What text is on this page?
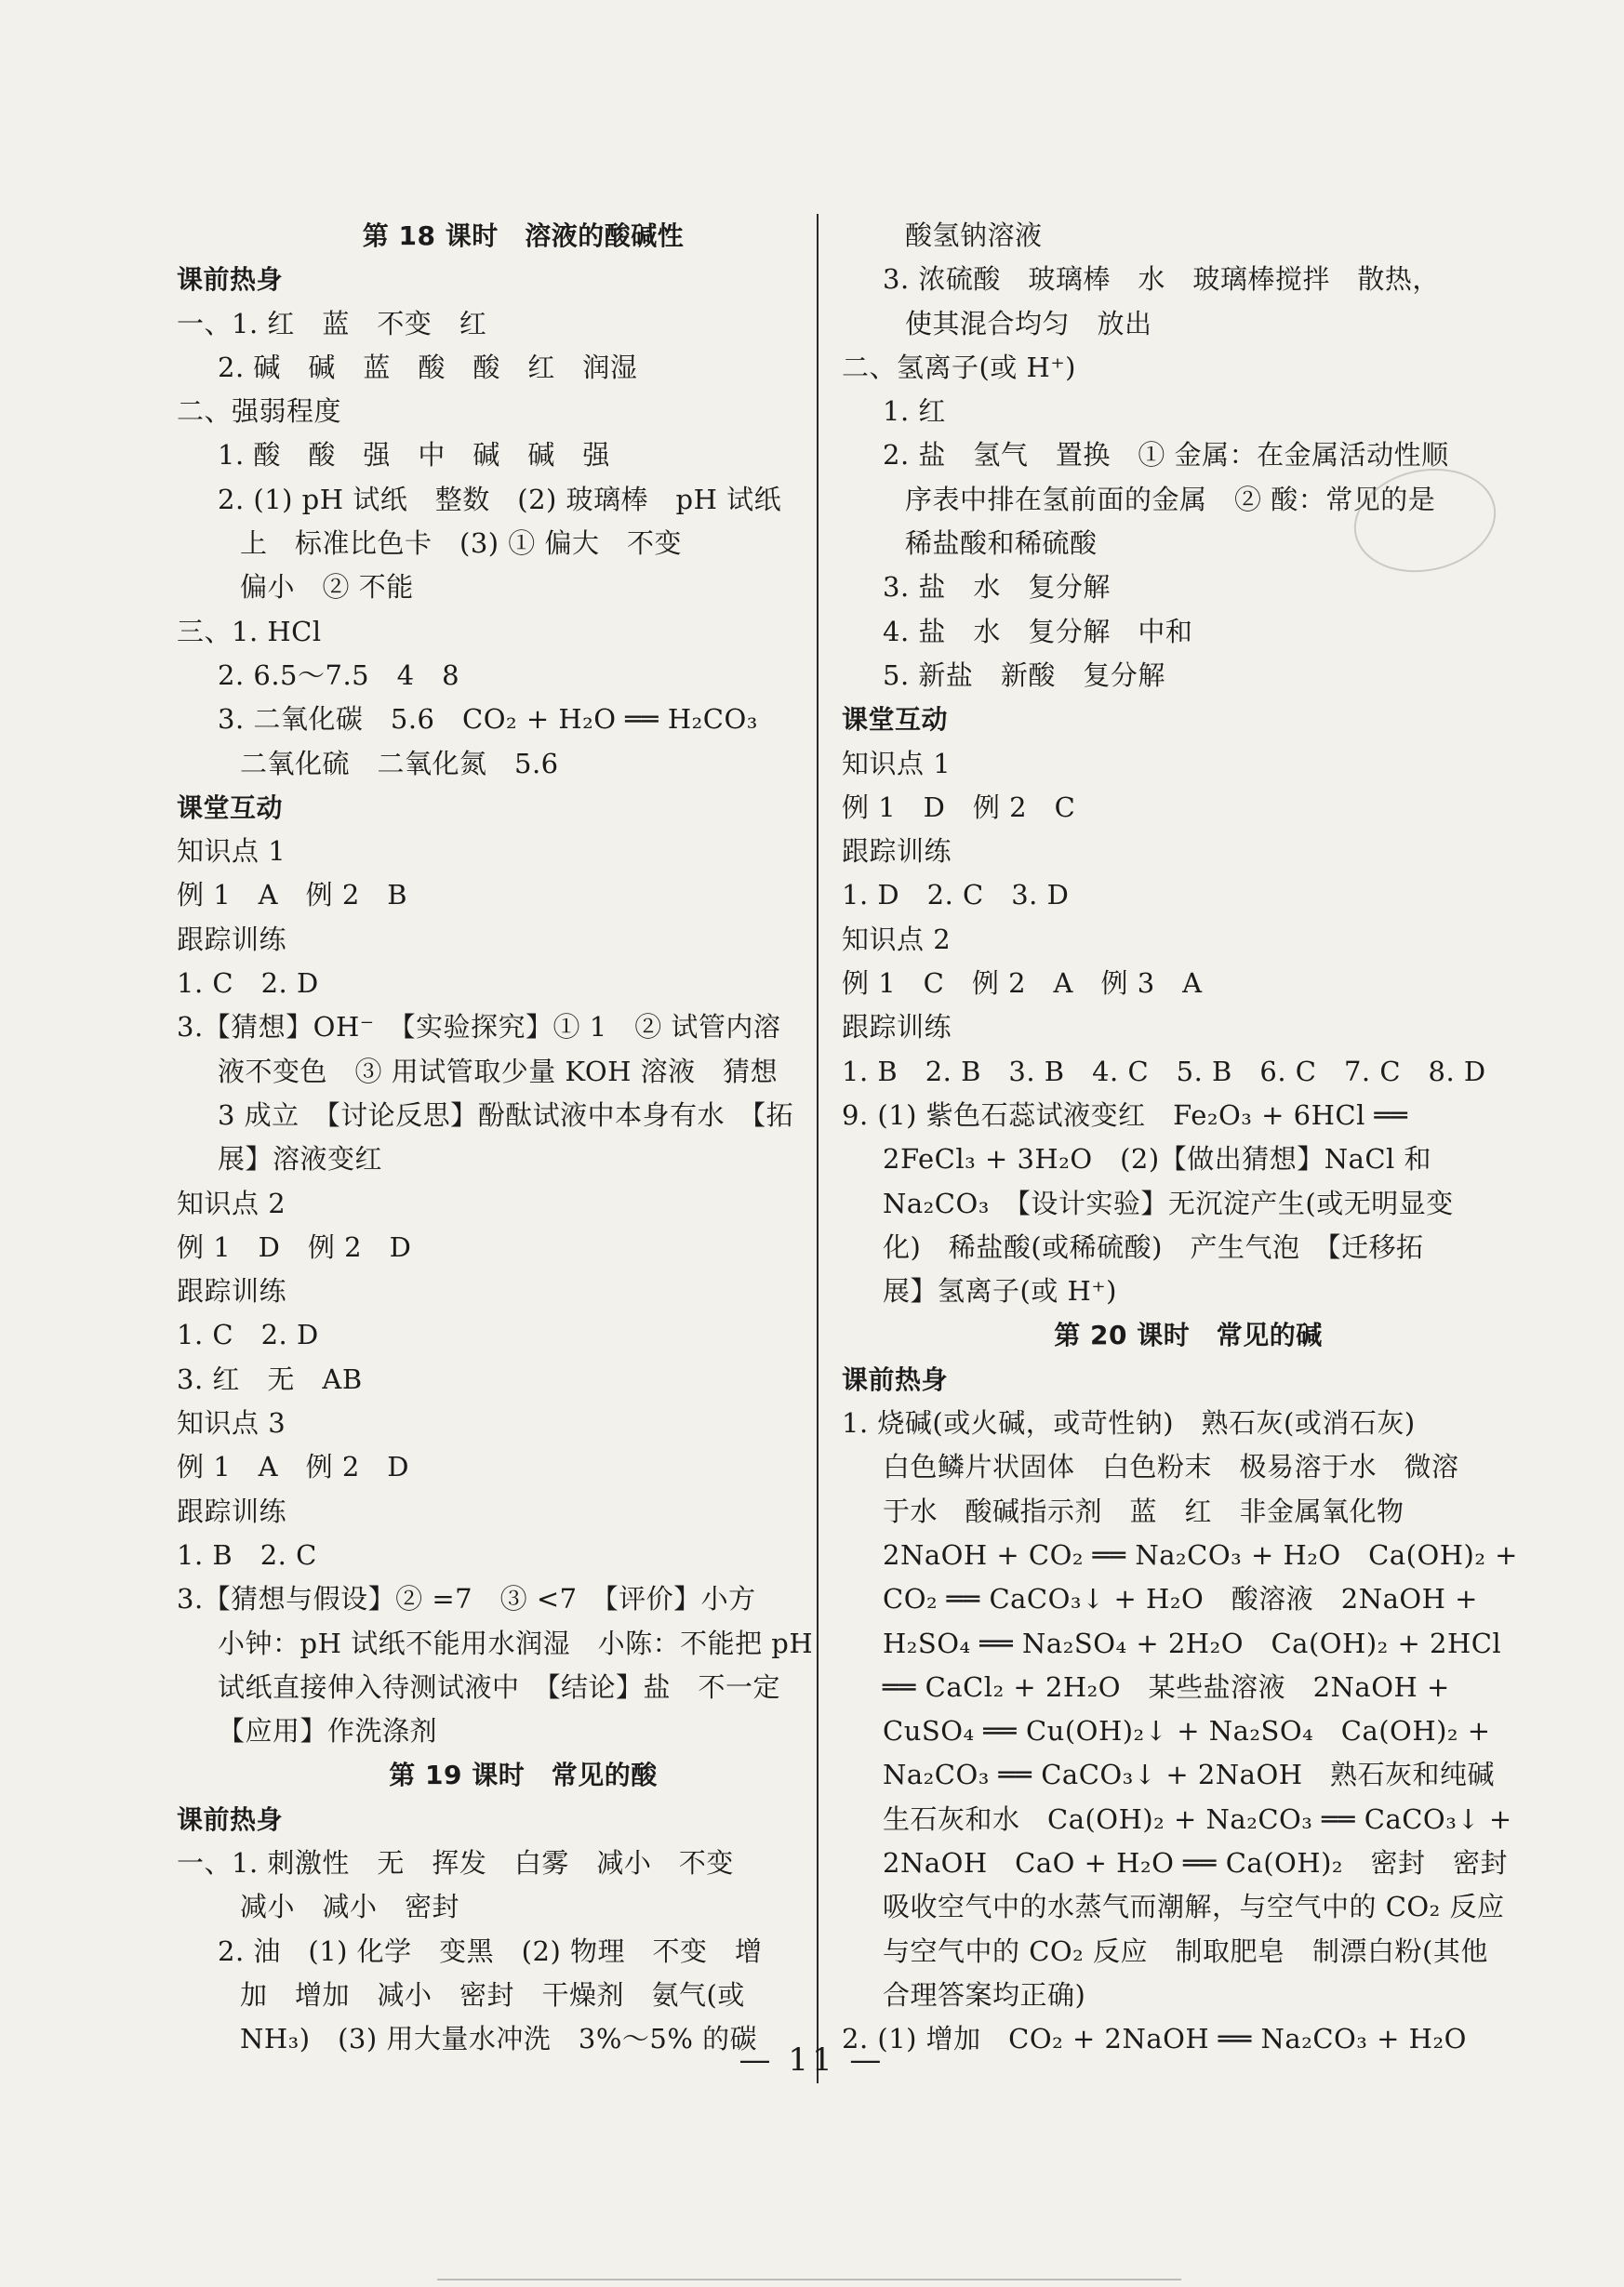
第 18 课时　溶液的酸碱性
课前热身
一、1. 红　蓝　不变　红
2. 碱　碱　蓝　酸　酸　红　润湿
二、强弱程度
1. 酸　酸　强　中　碱　碱　强
2. (1) pH 试纸　整数　(2) 玻璃棒　pH 试纸
上　标准比色卡　(3) ① 偏大　不变
偏小　② 不能
三、1. HCl
2. 6.5～7.5　4　8
3. 二氧化碳　5.6　CO₂ + H₂O ══ H₂CO₃
二氧化硫　二氧化氮　5.6
课堂互动
知识点 1
例 1　A　例 2　B
跟踪训练
1. C　2. D
3.【猜想】OH⁻　【实验探究】① 1　② 试管内溶
液不变色　③ 用试管取少量 KOH 溶液　猜想
3 成立　【讨论反思】酚酞试液中本身有水　【拓
展】溶液变红
知识点 2
例 1　D　例 2　D
跟踪训练
1. C　2. D
3. 红　无　AB
知识点 3
例 1　A　例 2　D
跟踪训练
1. B　2. C
3.【猜想与假设】② =7　③ <7　【评价】小方
小钟：pH 试纸不能用水润湿　小陈：不能把 pH
试纸直接伸入待测试液中　【结论】盐　不一定
【应用】作洗涤剂
第 19 课时　常见的酸
课前热身
一、1. 刺激性　无　挥发　白雾　减小　不变
减小　减小　密封
2. 油　(1) 化学　变黑　(2) 物理　不变　增
加　增加　减小　密封　干燥剂　氨气(或
NH₃)　(3) 用大量水冲洗　3%～5% 的碳
酸氢钠溶液
3. 浓硫酸　玻璃棒　水　玻璃棒搅拌　散热，
使其混合均匀　放出
二、氢离子(或 H⁺)
1. 红
2. 盐　氢气　置换　① 金属：在金属活动性顺
序表中排在氢前面的金属　② 酸：常见的是
稀盐酸和稀硫酸
3. 盐　水　复分解
4. 盐　水　复分解　中和
5. 新盐　新酸　复分解
课堂互动
知识点 1
例 1　D　例 2　C
跟踪训练
1. D　2. C　3. D
知识点 2
例 1　C　例 2　A　例 3　A
跟踪训练
1. B　2. B　3. B　4. C　5. B　6. C　7. C　8. D
9. (1) 紫色石蕊试液变红　Fe₂O₃ + 6HCl ══
2FeCl₃ + 3H₂O　(2)【做出猜想】NaCl 和
Na₂CO₃　【设计实验】无沉淀产生(或无明显变
化)　稀盐酸(或稀硫酸)　产生气泡　【迁移拓
展】氢离子(或 H⁺)
第 20 课时　常见的碱
课前热身
1. 烧碱(或火碱，或苛性钠)　熟石灰(或消石灰)
白色鳞片状固体　白色粉末　极易溶于水　微溶
于水　酸碱指示剂　蓝　红　非金属氧化物
2NaOH + CO₂ ══ Na₂CO₃ + H₂O　Ca(OH)₂ +
CO₂ ══ CaCO₃↓ + H₂O　酸溶液　2NaOH +
H₂SO₄ ══ Na₂SO₄ + 2H₂O　Ca(OH)₂ + 2HCl
══ CaCl₂ + 2H₂O　某些盐溶液　2NaOH +
CuSO₄ ══ Cu(OH)₂↓ + Na₂SO₄　Ca(OH)₂ +
Na₂CO₃ ══ CaCO₃↓ + 2NaOH　熟石灰和纯碱
生石灰和水　Ca(OH)₂ + Na₂CO₃ ══ CaCO₃↓ +
2NaOH　CaO + H₂O ══ Ca(OH)₂　密封　密封
吸收空气中的水蒸气而潮解，与空气中的 CO₂ 反应
与空气中的 CO₂ 反应　制取肥皂　制漂白粉(其他
合理答案均正确)
2. (1) 增加　CO₂ + 2NaOH ══ Na₂CO₃ + H₂O
— 11 —
